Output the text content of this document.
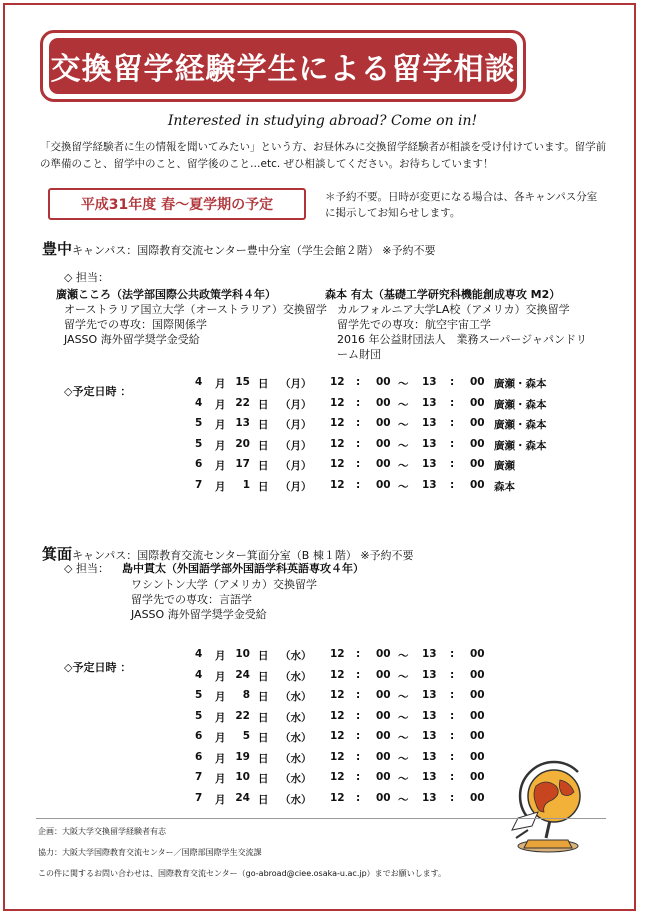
交換留学経験学生による留学相談
Interested in studying abroad? Come on in!
「交換留学経験者に生の情報を聞いてみたい」という方、お昼休みに交換留学経験者が相談を受け付けています。留学前の準備のこと、留学中のこと、留学後のこと…etc. ぜひ相談してください。お待ちしています！
平成31年度 春～夏学期の予定	＊予約不要。日時が変更になる場合は、各キャンパス分室に掲示してお知らせします。
豊中キャンパス：国際教育交流センター豊中分室（学生会館２階） ※予約不要
◇ 担当：
廣瀬こころ（法学部国際公共政策学科４年）
オーストラリア国立大学（オーストラリア）交換留学
留学先での専攻：国際関係学
JASSO 海外留学奨学金受給
森本 有太（基礎工学研究科機能創成専攻 M2）
カルフォルニア大学LA校（アメリカ）交換留学
留学先での専攻：航空宇宙工学
2016 年公益財団法人　業務スーパージャパンドリ
ーム財団
◇予定日時 ：
4 月 15 日 （月） 12 : 00 ～ 13 : 00 廣瀬・森本
4 月 22 日 （月） 12 : 00 ～ 13 : 00 廣瀬・森本
5 月 13 日 （月） 12 : 00 ～ 13 : 00 廣瀬・森本
5 月 20 日 （月） 12 : 00 ～ 13 : 00 廣瀬・森本
6 月 17 日 （月） 12 : 00 ～ 13 : 00 廣瀬
7 月	1 日 （月） 12 : 00 ～ 13 : 00 森本
箕面キャンパス：国際教育交流センター箕面分室（B 棟１階） ※予約不要
◇ 担当： 島中貫太（外国語学部外国語学科英語専攻４年）
ワシントン大学（アメリカ）交換留学
留学先での専攻：言語学
JASSO 海外留学奨学金受給
◇予定日時 ：
4 月 10 日 （水） 12 : 00 ～ 13 : 00
4 月 24 日 （水） 12 : 00 ～ 13 : 00
5 月	8 日 （水） 12 : 00 ～ 13 : 00
5 月 22 日 （水） 12 : 00 ～ 13 : 00
6 月	5 日 （水） 12 : 00 ～ 13 : 00
6 月 19 日 （水） 12 : 00 ～ 13 : 00
7 月 10 日 （水） 12 : 00 ～ 13 : 00
7 月 24 日 （水） 12 : 00 ～ 13 : 00
企画：大阪大学交換留学経験者有志
協力：大阪大学国際教育交流センター／国際部国際学生交流課
この件に関するお問い合わせは、国際教育交流センター（go-abroad@ciee.osaka-u.ac.jp）までお願いします。
